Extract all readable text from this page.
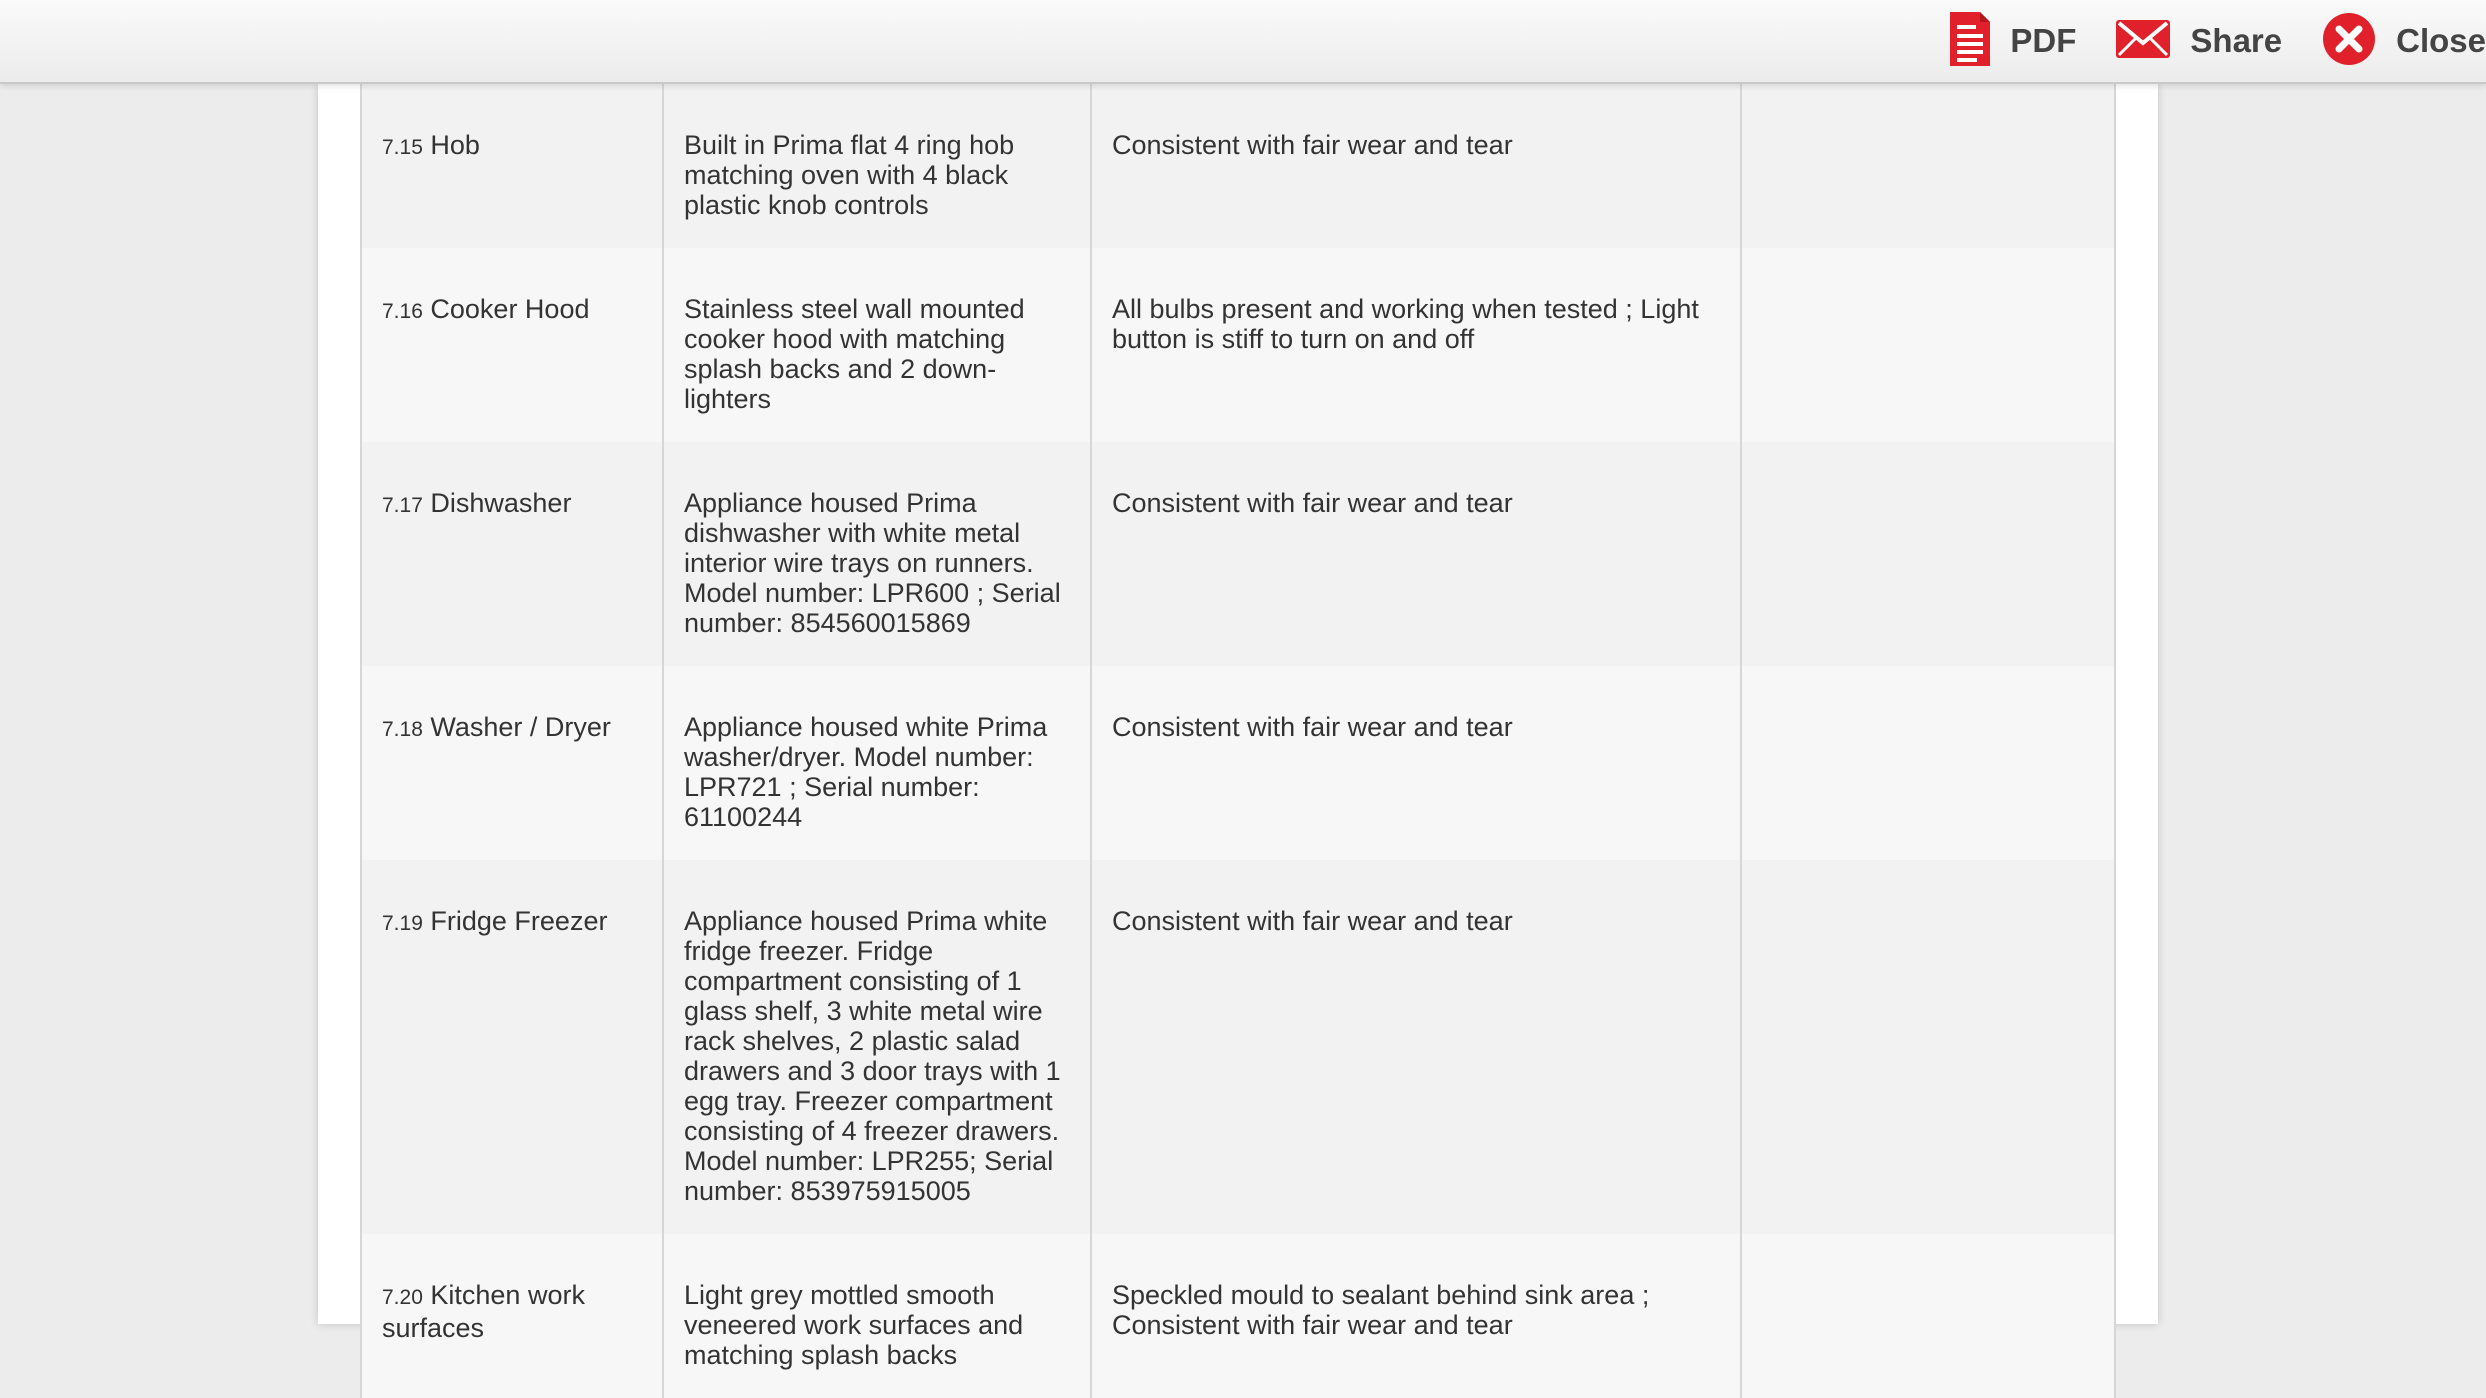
PDF	Share	Close
7.15 Hob	Built in Prima flat 4 ring hob matching oven with 4 black plastic knob controls	Consistent with fair wear and tear	
7.16 Cooker Hood	Stainless steel wall mounted cooker hood with matching splash backs and 2 down-lighters	All bulbs present and working when tested ; Light button is stiff to turn on and off	
7.17 Dishwasher	Appliance housed Prima dishwasher with white metal interior wire trays on runners. Model number: LPR600 ; Serial number: 854560015869	Consistent with fair wear and tear	
7.18 Washer / Dryer	Appliance housed white Prima washer/dryer. Model number: LPR721 ; Serial number: 61100244	Consistent with fair wear and tear	
7.19 Fridge Freezer	Appliance housed Prima white fridge freezer. Fridge compartment consisting of 1 glass shelf, 3 white metal wire rack shelves, 2 plastic salad drawers and 3 door trays with 1 egg tray. Freezer compartment consisting of 4 freezer drawers. Model number: LPR255; Serial number: 853975915005	Consistent with fair wear and tear	
7.20 Kitchen work surfaces	Light grey mottled smooth veneered work surfaces and matching splash backs	Speckled mould to sealant behind sink area ; Consistent with fair wear and tear	
